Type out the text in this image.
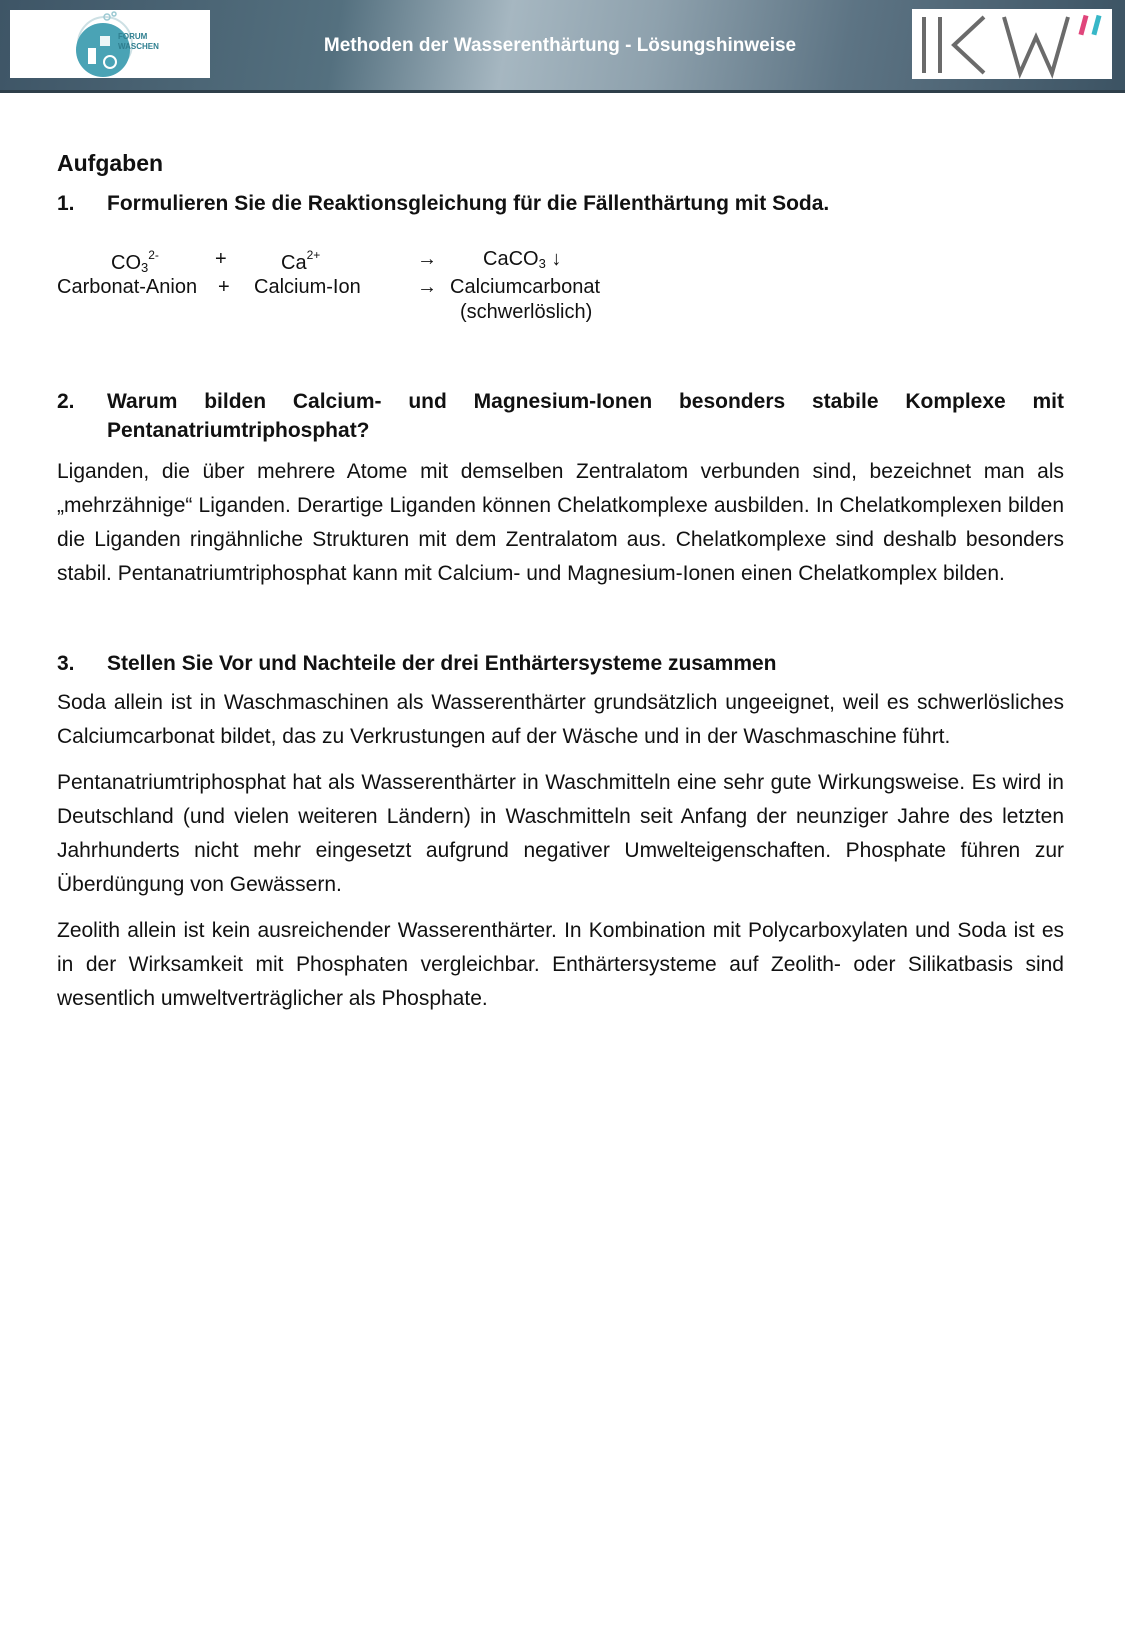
FORUM WASCHEN	Methoden der Wasserenthärtung - Lösungshinweise
Aufgaben
1.	Formulieren Sie die Reaktionsgleichung für die Fällenthärtung mit Soda.
$CO_3^{2-}$	+	$Ca^{2+}$	→ CaCO$_3$ ↓
Carbonat-Anion + Calcium-Ion	→ Calciumcarbonat
(schwerlöslich)
2.	Warum bilden Calcium- und Magnesium-Ionen besonders stabile Komplexe mit Pentanatriumtriphosphat?

Liganden, die über mehrere Atome mit demselben Zentralatom verbunden sind, bezeichnet man als „mehrzähnige“ Liganden. Derartige Liganden können Chelatkomplexe ausbilden. In Chelatkomplexen bilden die Liganden ringähnliche Strukturen mit dem Zentralatom aus. Chelatkomplexe sind deshalb besonders stabil. Pentanatriumtriphosphat kann mit Calcium- und Magnesium-Ionen einen Chelatkomplex bilden.

3.	Stellen Sie Vor und Nachteile der drei Enthärtersysteme zusammen

Soda allein ist in Waschmaschinen als Wasserenthärter grundsätzlich ungeeignet, weil es schwerlösliches Calciumcarbonat bildet, das zu Verkrustungen auf der Wäsche und in der Waschmaschine führt.

Pentanatriumtriphosphat hat als Wasserenthärter in Waschmitteln eine sehr gute Wirkungsweise. Es wird in Deutschland (und vielen weiteren Ländern) in Waschmitteln seit Anfang der neunziger Jahre des letzten Jahrhunderts nicht mehr eingesetzt aufgrund negativer Umwelteigenschaften. Phosphate führen zur Überdüngung von Gewässern.

Zeolith allein ist kein ausreichender Wasserenthärter. In Kombination mit Polycarboxylaten und Soda ist es in der Wirksamkeit mit Phosphaten vergleichbar. Enthärtersysteme auf Zeolith- oder Silikatbasis sind wesentlich umweltverträglicher als Phosphate.
